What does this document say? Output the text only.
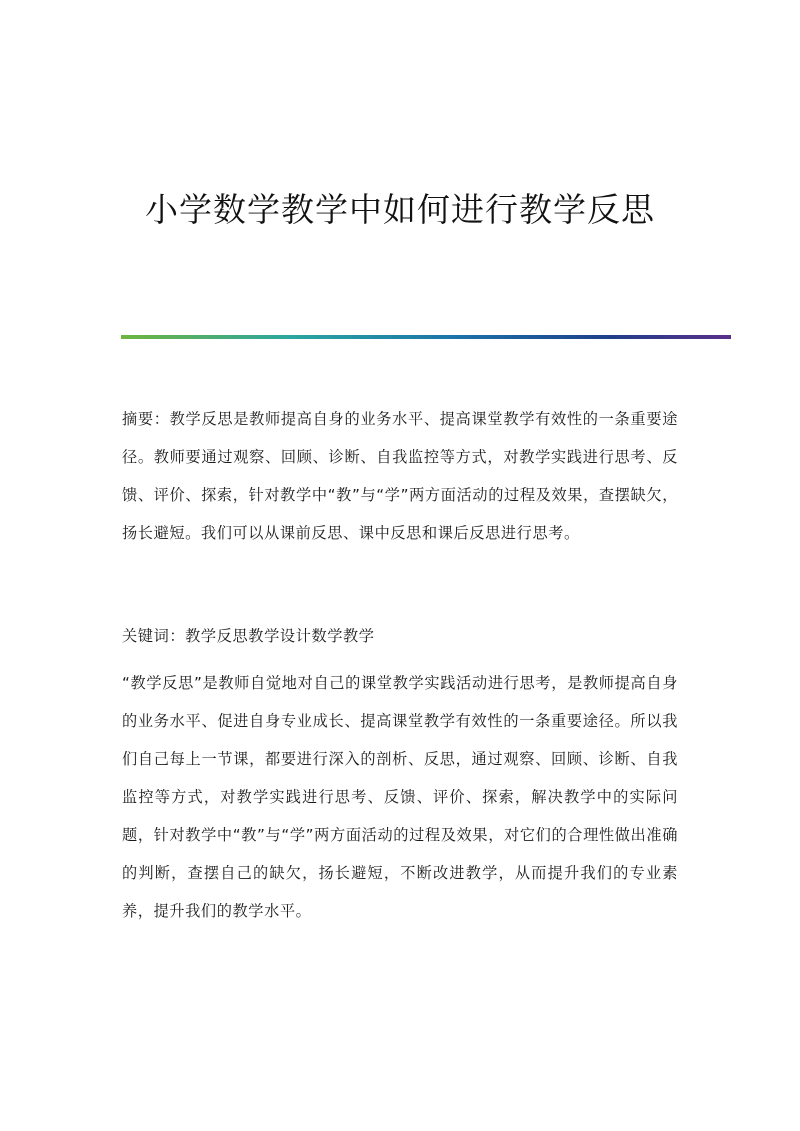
小学数学教学中如何进行教学反思

摘要：教学反思是教师提高自身的业务水平、提高课堂教学有效性的一条重要途径。教师要通过观察、回顾、诊断、自我监控等方式，对教学实践进行思考、反馈、评价、探索，针对教学中“教”与“学”两方面活动的过程及效果，查摆缺欠，扬长避短。我们可以从课前反思、课中反思和课后反思进行思考。

关键词：教学反思教学设计数学教学

“教学反思”是教师自觉地对自己的课堂教学实践活动进行思考，是教师提高自身的业务水平、促进自身专业成长、提高课堂教学有效性的一条重要途径。所以我们自己每上一节课，都要进行深入的剖析、反思，通过观察、回顾、诊断、自我监控等方式，对教学实践进行思考、反馈、评价、探索，解决教学中的实际问题，针对教学中“教”与“学”两方面活动的过程及效果，对它们的合理性做出准确的判断，查摆自己的缺欠，扬长避短，不断改进教学，从而提升我们的专业素养，提升我们的教学水平。
